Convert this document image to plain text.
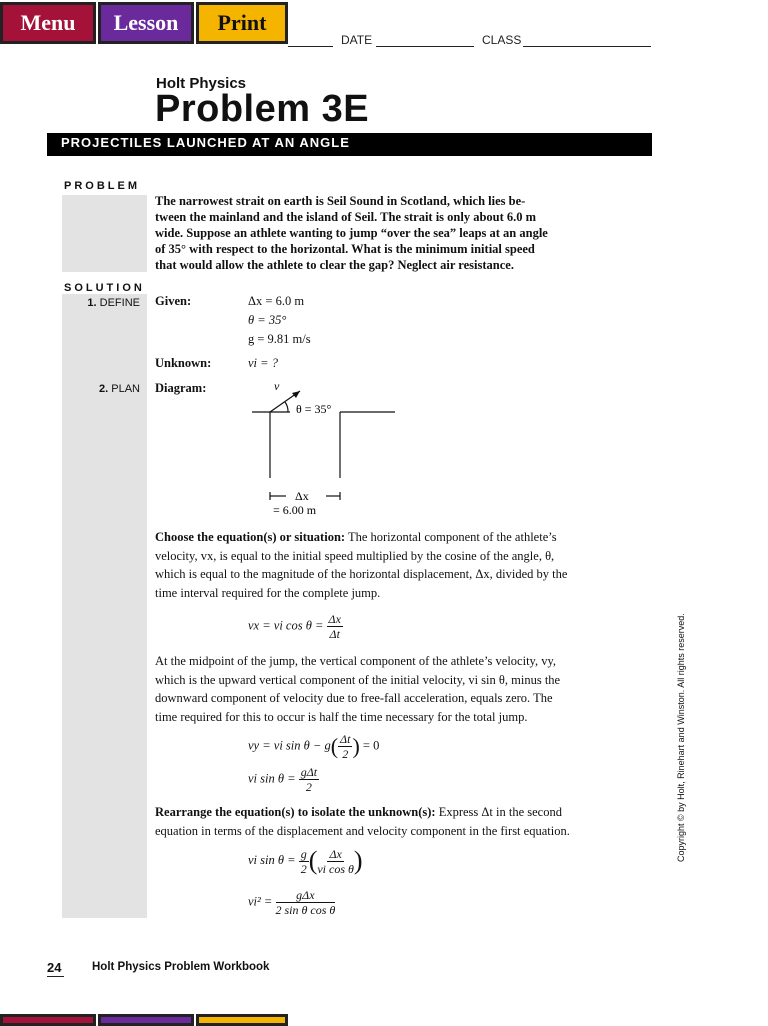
Menu	Lesson	Print
DATE	CLASS
Holt Physics
Problem 3E
PROJECTILES LAUNCHED AT AN ANGLE
PROBLEM
The narrowest strait on earth is Seil Sound in Scotland, which lies be-
tween the mainland and the island of Seil. The strait is only about 6.0 m
wide. Suppose an athlete wanting to jump “over the sea” leaps at an angle
of 35° with respect to the horizontal. What is the minimum initial speed
that would allow the athlete to clear the gap? Neglect air resistance.
SOLUTION
1. DEFINE Given:	Δx = 6.0 m
θ = 35°
g = 9.81 m/s
Unknown:	vi = ?
2. PLAN Diagram:	v
θ = 35°
Δx
= 6.00 m
Choose the equation(s) or situation: The horizontal component of the athlete’s
velocity, vx, is equal to the initial speed multiplied by the cosine of the angle, θ,
which is equal to the magnitude of the horizontal displacement, Δx, divided by the
time interval required for the complete jump.
vx = vi $\cos \theta = \frac{\Delta x}{\Delta t}$
At the midpoint of the jump, the vertical component of the athlete’s velocity, vy,
which is the upward vertical component of the initial velocity, vi sin θ, minus the
downward component of velocity due to free-fall acceleration, equals zero. The
time required for this to occur is half the time necessary for the total jump.
vy = vi $\sin \theta - g( \frac{\Delta t}{2}$ ) = 0
vi $\sin \theta = \frac{\text{gΔt}}{2}$
Rearrange the equation(s) to isolate the unknown(s): Express Δt in the second
equation in terms of the displacement and velocity component in the first equation.
vi $\sin \theta = \frac{g}{2}$ ( $\frac{\Delta x}{\text{vi cos θ}}$ )
$vi^2 = \frac{\text{gΔx}}{\text{2 sin θ cos θ}}$
24	Holt Physics Problem Workbook
Copyright © by Holt, Rinehart and Winston. All rights reserved.
